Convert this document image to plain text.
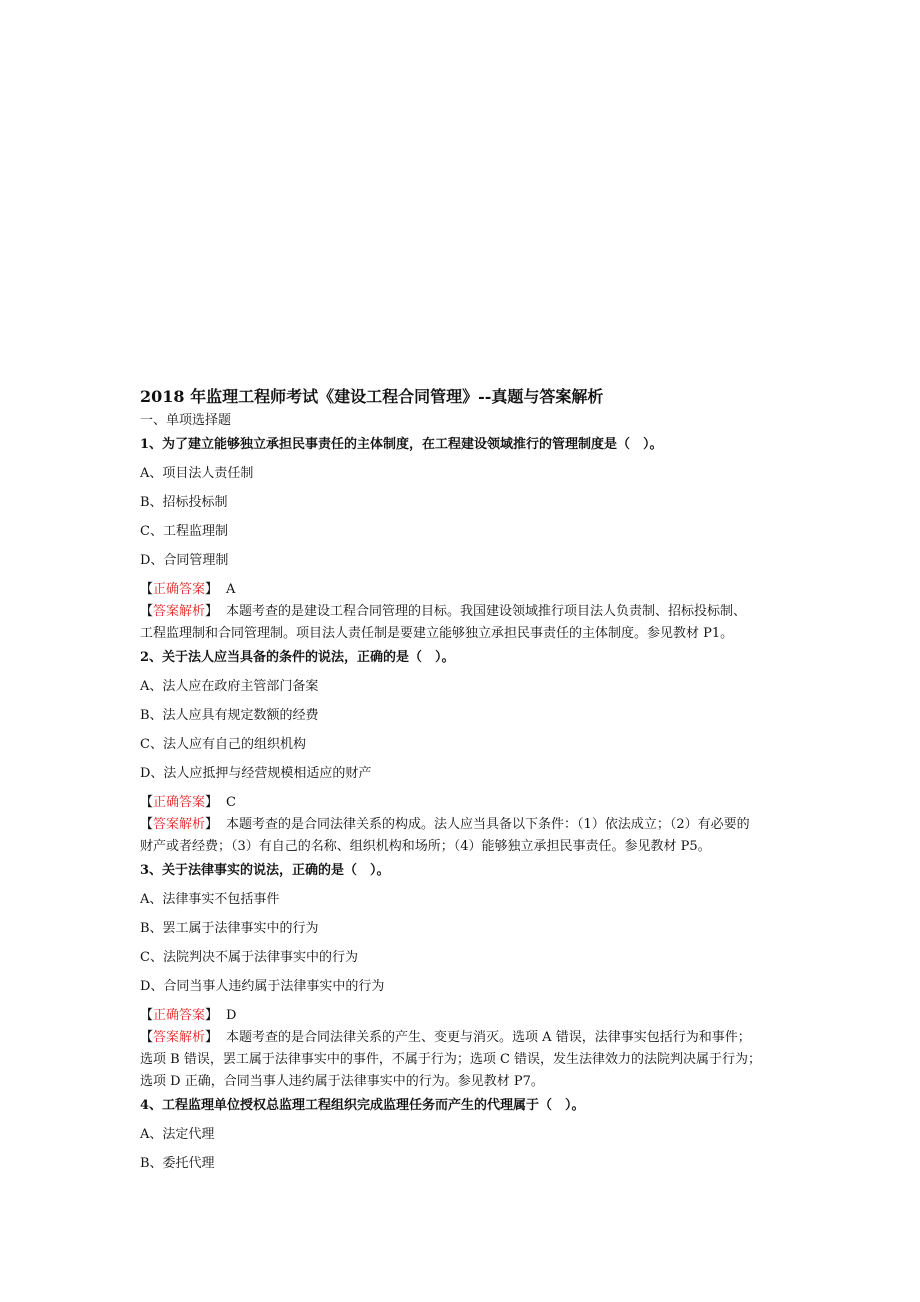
2018 年监理工程师考试《建设工程合同管理》--真题与答案解析

一、单项选择题

1、为了建立能够独立承担民事责任的主体制度，在工程建设领域推行的管理制度是（　）。

A、项目法人责任制

B、招标投标制

C、工程监理制

D、合同管理制

【正确答案】 A

【答案解析】 本题考查的是建设工程合同管理的目标。我国建设领域推行项目法人负责制、招标投标制、
工程监理制和合同管理制。项目法人责任制是要建立能够独立承担民事责任的主体制度。参见教材 P1。

2、关于法人应当具备的条件的说法，正确的是（　）。

A、法人应在政府主管部门备案

B、法人应具有规定数额的经费

C、法人应有自己的组织机构

D、法人应抵押与经营规模相适应的财产

【正确答案】 C

【答案解析】 本题考查的是合同法律关系的构成。法人应当具备以下条件：（1）依法成立；（2）有必要的
财产或者经费；（3）有自己的名称、组织机构和场所；（4）能够独立承担民事责任。参见教材 P5。

3、关于法律事实的说法，正确的是（　）。

A、法律事实不包括事件

B、罢工属于法律事实中的行为

C、法院判决不属于法律事实中的行为

D、合同当事人违约属于法律事实中的行为

【正确答案】 D

【答案解析】 本题考查的是合同法律关系的产生、变更与消灭。选项 A 错误，法律事实包括行为和事件；
选项 B 错误，罢工属于法律事实中的事件，不属于行为；选项 C 错误，发生法律效力的法院判决属于行为；
选项 D 正确，合同当事人违约属于法律事实中的行为。参见教材 P7。

4、工程监理单位授权总监理工程组织完成监理任务而产生的代理属于（　）。

A、法定代理

B、委托代理
